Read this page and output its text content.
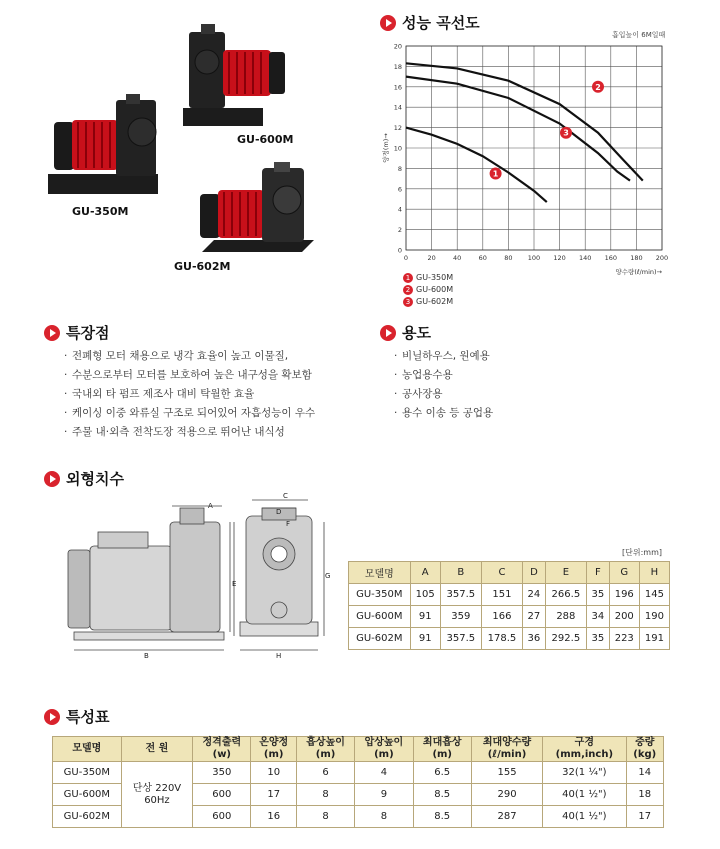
GU-600M
GU-350M
GU-602M
성능 곡선도
흡입높이 6M일때
0	20	40	60	80 100 120 140 160 180 200
0
2
4
6
8
10
12
14
16
18
20
양정(m)→
양수량(ℓ/min)→
1
2
3
1 GU-350M
2 GU-600M
3 GU-602M
특장점
· 전폐형 모터 채용으로 냉각 효율이 높고 이물질,
· 수분으로부터 모터를 보호하여 높은 내구성을 확보함
· 국내외 타 펌프 제조사 대비 탁월한 효율
· 케이싱 이중 와류실 구조로 되어있어 자흡성능이 우수
· 주물 내·외측 전착도장 적용으로 뛰어난 내식성
용도
· 비닐하우스, 원예용
· 농업용수용
· 공사장용
· 용수 이송 등 공업용
외형치수
A
B
C
D
E
F
G
H
[단위:mm]
모델명	A	B	C	D	E	F	G	H
GU-350M	105	357.5	151	24	266.5	35	196	145
GU-600M	91	359	166	27	288	34	200	190
GU-602M	91	357.5	178.5	36	292.5	35	223	191
특성표
모델명	전 원	정격출력
(w)	온양정
(m)	흡상높이
(m)	압상높이
(m)	최대흡상
(m)	최대양수량
(ℓ/min)	구경
(mm,inch)	중량
(kg)
GU-350M	단상 220V
60Hz	350	10	6	4	6.5	155	32(1 ¼")	14
GU-600M		600	17	8	9	8.5	290	40(1 ½")	18
GU-602M		600	16	8	8	8.5	287	40(1 ½")	17
